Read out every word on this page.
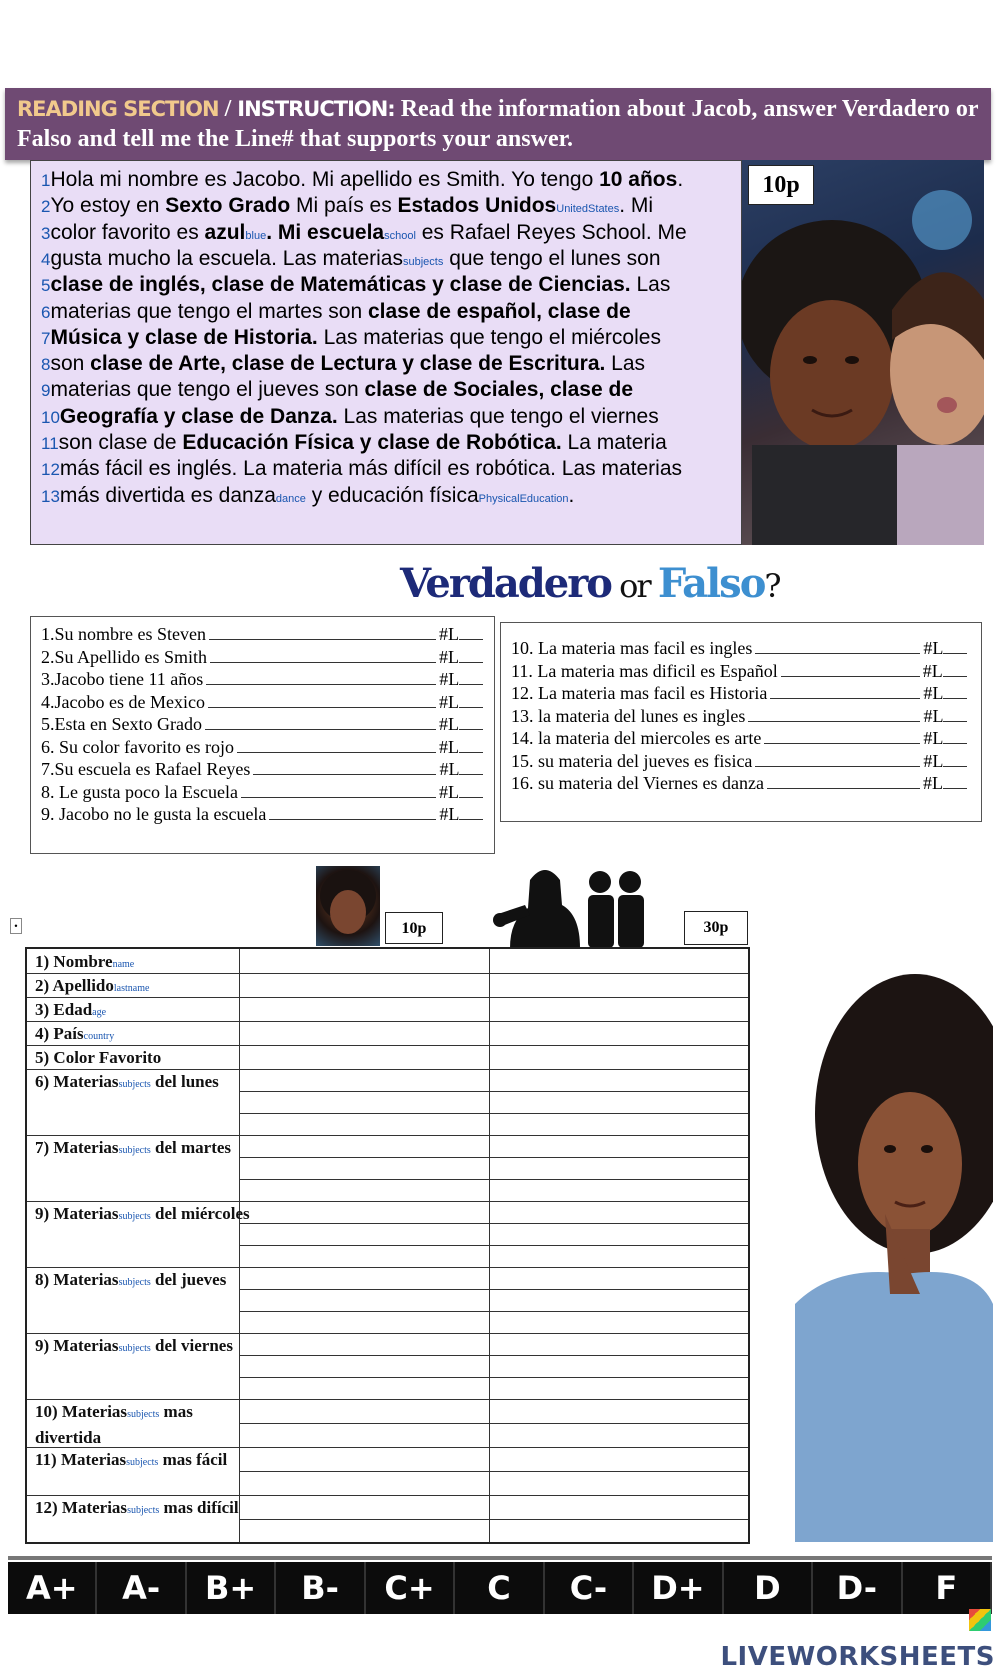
READING SECTION / INSTRUCTION: Read the information about Jacob, answer Verdadero or Falso and tell me the Line# that supports your answer.
1Hola mi nombre es Jacobo. Mi apellido es Smith. Yo tengo 10 años.
2Yo estoy en Sexto Grado Mi país es Estados UnidosUnitedStates. Mi
3color favorito es azulblue. Mi escuelaschool es Rafael Reyes School. Me
4gusta mucho la escuela. Las materiassubjects que tengo el lunes son
5clase de inglés, clase de Matemáticas y clase de Ciencias. Las
6materias que tengo el martes son clase de español, clase de
7Música y clase de Historia. Las materias que tengo el miércoles
8son clase de Arte, clase de Lectura y clase de Escritura. Las
9materias que tengo el jueves son clase de Sociales, clase de
10Geografía y clase de Danza. Las materias que tengo el viernes
11son clase de Educación Física y clase de Robótica. La materia
12más fácil es inglés. La materia más difícil es robótica. Las materias
13más divertida es danzadance y educación físicaPhysicalEducation.
10p
Verdadero or Falso?
1.Su nombre es Steven	#L
2.Su Apellido es Smith	#L
3.Jacobo tiene 11 años	#L
4.Jacobo es de Mexico	#L
5.Esta en Sexto Grado	#L
6. Su color favorito es rojo	#L
7.Su escuela es Rafael Reyes	#L
8. Le gusta poco la Escuela	#L
9. Jacobo no le gusta la escuela	#L
10. La materia mas facil es ingles	#L
11. La materia mas dificil es Español	#L
12. La materia mas facil es Historia	#L
13. la materia del lunes es ingles	#L
14. la materia del miercoles es arte	#L
15. su materia del jueves es fisica	#L
16. su materia del Viernes es danza	#L
10p	30p
•
1) Nombrename
2) Apellidolastname
3) Edadage
4) Paíscountry
5) Color Favorito
6) Materiassubjects del lunes
7) Materiassubjects del martes
9) Materiassubjects del miércoles
8) Materiassubjects del jueves
9) Materiassubjects del viernes
10) Materiassubjects mas divertida
11) Materiassubjects mas fácil
12) Materiassubjects mas difícil
A+	A-	B+	B-	C+	C	C-	D+	D	D-	F
LIVEWORKSHEETS
